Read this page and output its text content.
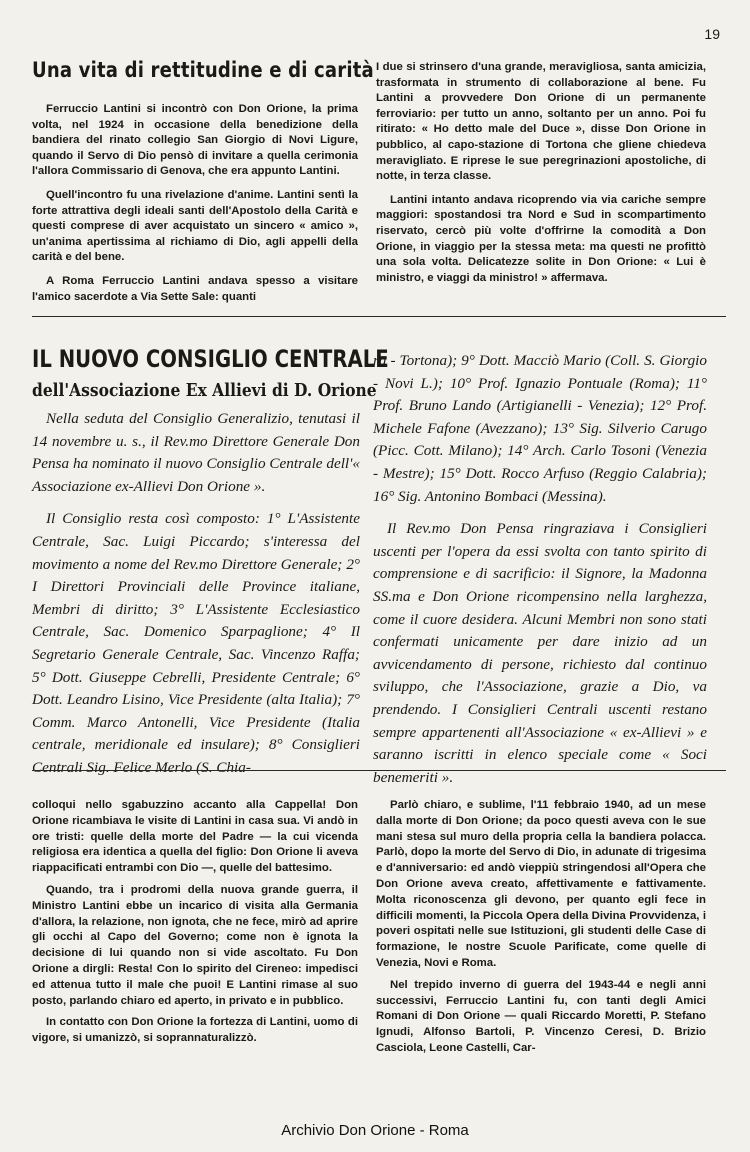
19
Una vita di rettitudine e di carità

Ferruccio Lantini si incontrò con Don Orione, la prima volta, nel 1924 in occasione della benedizione della bandiera del rinato collegio San Giorgio di Novi Ligure, quando il Servo di Dio pensò di invitare a quella cerimonia l'allora Commissario di Genova, che era appunto Lantini.

Quell'incontro fu una rivelazione d'anime. Lantini sentì la forte attrattiva degli ideali santi dell'Apostolo della Carità e questi comprese di aver acquistato un sincero « amico », un'anima apertissima al richiamo di Dio, agli appelli della carità e del bene.

A Roma Ferruccio Lantini andava spesso a visitare l'amico sacerdote a Via Sette Sale: quanti

I due si strinsero d'una grande, meravigliosa, santa amicizia, trasformata in strumento di collaborazione al bene. Fu Lantini a provvedere Don Orione di un permanente ferroviario: per tutto un anno, soltanto per un anno. Poi fu ritirato: « Ho detto male del Duce », disse Don Orione in pubblico, al capo-stazione di Tortona che gliene chiedeva meravigliato. E riprese le sue peregrinazioni apostoliche, di notte, in terza classe.

Lantini intanto andava ricoprendo via via cariche sempre maggiori: spostandosi tra Nord e Sud in scompartimento riservato, cercò più volte d'offrirne la comodità a Don Orione, in viaggio per la stessa meta: ma questi ne profittò una sola volta. Delicatezze solite in Don Orione: « Lui è ministro, e viaggi da ministro! » affermava.

IL NUOVO CONSIGLIO CENTRALE
dell'Associazione Ex Allievi di D. Orione

Nella seduta del Consiglio Generalizio, tenutasi il 14 novembre u. s., il Rev.mo Direttore Generale Don Pensa ha nominato il nuovo Consiglio Centrale dell'« Associazione ex-Allievi Don Orione ».

Il Consiglio resta così composto: 1° L'Assistente Centrale, Sac. Luigi Piccardo; s'interessa del movimento a nome del Rev.mo Direttore Generale; 2° I Direttori Provinciali delle Province italiane, Membri di diritto; 3° L'Assistente Ecclesiastico Centrale, Sac. Domenico Sparpaglione; 4° Il Segretario Generale Centrale, Sac. Vincenzo Raffa; 5° Dott. Giuseppe Cebrelli, Presidente Centrale; 6° Dott. Leandro Lisino, Vice Presidente (alta Italia); 7° Comm. Marco Antonelli, Vice Presidente (Italia centrale, meridionale ed insulare); 8° Consiglieri Centrali Sig. Felice Merlo (S. Chia-

ra - Tortona); 9° Dott. Macciò Mario (Coll. S. Giorgio - Novi L.); 10° Prof. Ignazio Pontuale (Roma); 11° Prof. Bruno Lando (Artigianelli - Venezia); 12° Prof. Michele Fafone (Avezzano); 13° Sig. Silverio Carugo (Picc. Cott. Milano); 14° Arch. Carlo Tosoni (Venezia - Mestre); 15° Dott. Rocco Arfuso (Reggio Calabria); 16° Sig. Antonino Bombaci (Messina).

Il Rev.mo Don Pensa ringraziava i Consiglieri uscenti per l'opera da essi svolta con tanto spirito di comprensione e di sacrificio: il Signore, la Madonna SS.ma e Don Orione ricompensino nella larghezza, come il cuore desidera. Alcuni Membri non sono stati confermati unicamente per dare inizio ad un avvicendamento di persone, richiesto dal continuo sviluppo, che l'Associazione, grazie a Dio, va prendendo. I Consiglieri Centrali uscenti restano sempre appartenenti all'Associazione « ex-Allievi » e saranno iscritti in elenco speciale come « Soci benemeriti ».

colloqui nello sgabuzzino accanto alla Cappella! Don Orione ricambiava le visite di Lantini in casa sua. Vi andò in ore tristi: quelle della morte del Padre — la cui vicenda religiosa era identica a quella del figlio: Don Orione li aveva riappacificati entrambi con Dio —, quelle del battesimo.

Quando, tra i prodromi della nuova grande guerra, il Ministro Lantini ebbe un incarico di visita alla Germania d'allora, la relazione, non ignota, che ne fece, mirò ad aprire gli occhi al Capo del Governo; come non è ignota la decisione di lui quando non si vide ascoltato. Fu Don Orione a dirgli: Resta! Con lo spirito del Cireneo: impedisci ed attenua tutto il male che puoi! E Lantini rimase al suo posto, parlando chiaro ed aperto, in privato e in pubblico.

In contatto con Don Orione la fortezza di Lantini, uomo di vigore, si umanizzò, si soprannaturalizzò.

Parlò chiaro, e sublime, l'11 febbraio 1940, ad un mese dalla morte di Don Orione; da poco questi aveva con le sue mani stesa sul muro della propria cella la bandiera polacca. Parlò, dopo la morte del Servo di Dio, in adunate di trigesima e d'anniversario: ed andò vieppiù stringendosi all'Opera che Don Orione aveva creato, affettivamente e fattivamente. Molta riconoscenza gli devono, per quanto egli fece in difficili momenti, la Piccola Opera della Divina Provvidenza, i poveri ospitati nelle sue Istituzioni, gli studenti delle Case di formazione, le nostre Scuole Parificate, come quelle di Venezia, Novi e Roma.

Nel trepido inverno di guerra del 1943-44 e negli anni successivi, Ferruccio Lantini fu, con tanti degli Amici Romani di Don Orione — quali Riccardo Moretti, P. Stefano Ignudi, Alfonso Bartoli, P. Vincenzo Ceresi, D. Brizio Casciola, Leone Castelli, Car-

Archivio Don Orione - Roma
